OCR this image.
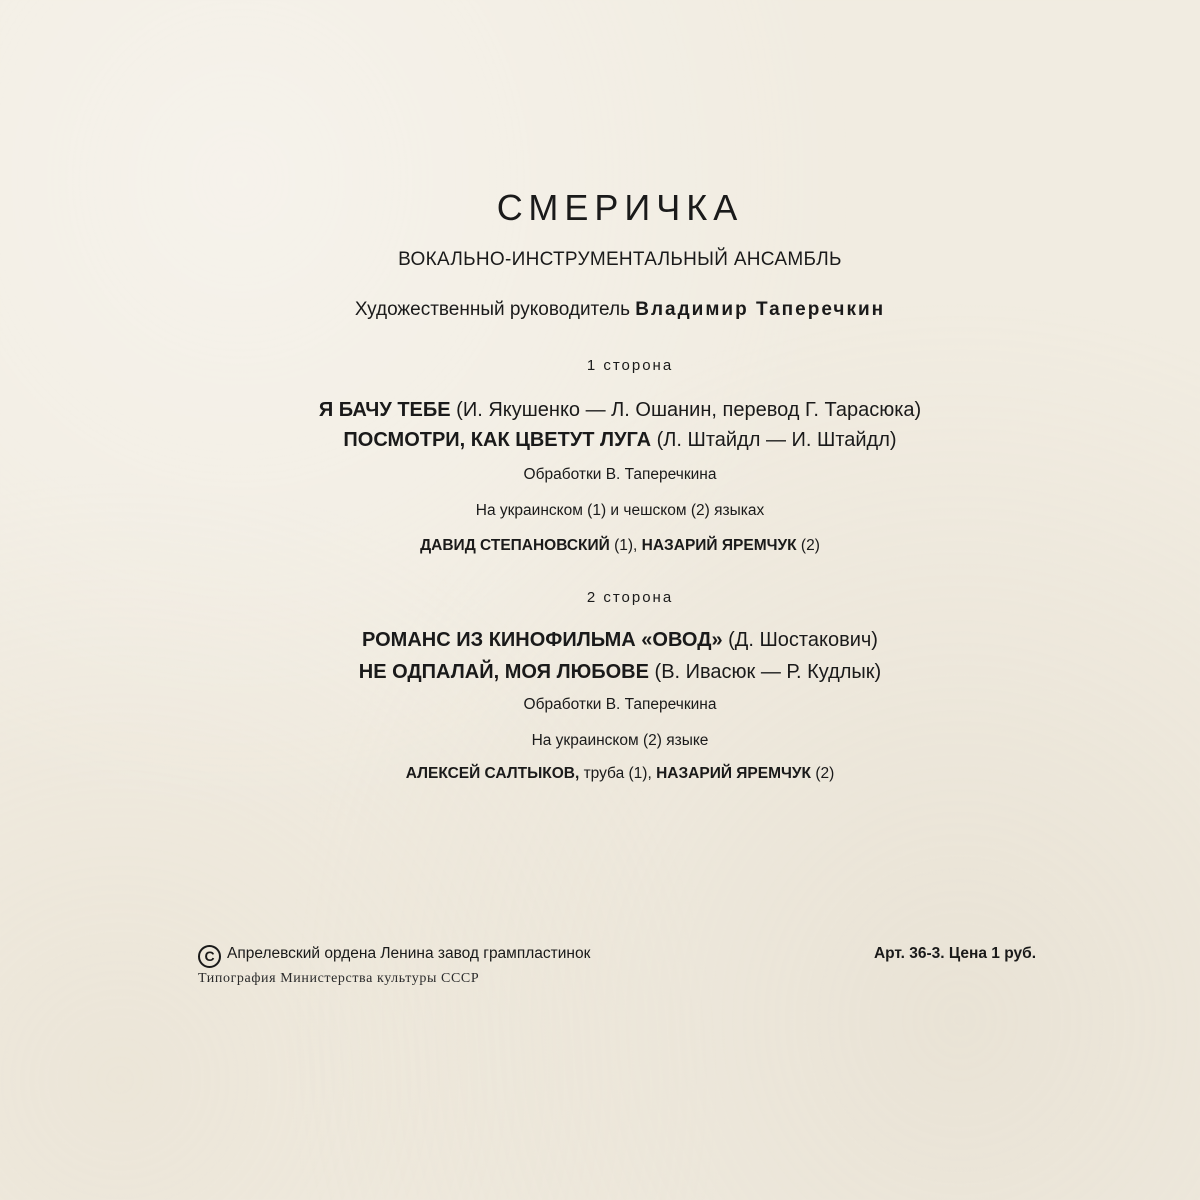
СМЕРИЧКА
ВОКАЛЬНО-ИНСТРУМЕНТАЛЬНЫЙ АНСАМБЛЬ
Художественный руководитель Владимир Таперечкин
1 сторона
Я БАЧУ ТЕБЕ (И. Якушенко — Л. Ошанин, перевод Г. Тарасюка)
ПОСМОТРИ, КАК ЦВЕТУТ ЛУГА (Л. Штайдл — И. Штайдл)
Обработки В. Таперечкина
На украинском (1) и чешском (2) языках
ДАВИД СТЕПАНОВСКИЙ (1), НАЗАРИЙ ЯРЕМЧУК (2)
2 сторона
РОМАНС ИЗ КИНОФИЛЬМА «ОВОД» (Д. Шостакович)
НЕ ОДПАЛАЙ, МОЯ ЛЮБОВЕ (В. Ивасюк — Р. Кудлык)
Обработки В. Таперечкина
На украинском (2) языке
АЛЕКСЕЙ САЛТЫКОВ, труба (1), НАЗАРИЙ ЯРЕМЧУК (2)
C Апрелевский ордена Ленина завод грампластинок
Типография Министерства культуры СССР
Арт. 36-3. Цена 1 руб.
